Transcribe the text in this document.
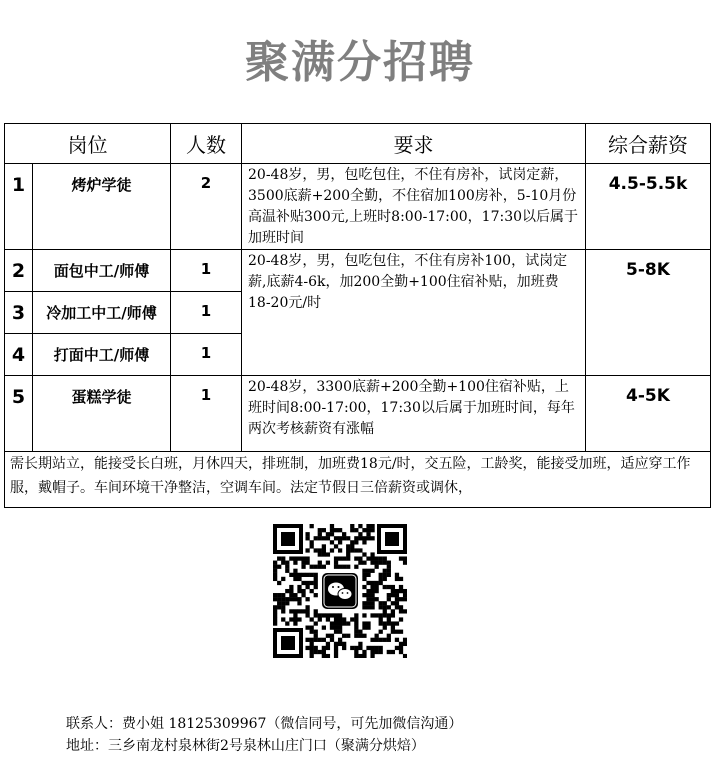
聚满分招聘
岗位		人数	要求	综合薪资
1	烤炉学徒	2	20-48岁，男，包吃包住，不住有房补，试岗定薪，3500底薪+200全勤，不住宿加100房补，5-10月份高温补贴300元,上班时8:00-17:00，17:30以后属于加班时间	4.5-5.5k
2	面包中工/师傅	1	20-48岁，男，包吃包住，不住有房补100，试岗定薪,底薪4-6k，加200全勤+100住宿补贴，加班费18-20元/时	5-8K
3	冷加工中工/师傅	1		
4	打面中工/师傅	1		
5	蛋糕学徒	1	20-48岁，3300底薪+200全勤+100住宿补贴，上班时间8:00-17:00，17:30以后属于加班时间，每年两次考核薪资有涨幅	4-5K
需长期站立，能接受长白班，月休四天，排班制，加班费18元/时，交五险，工龄奖，能接受加班，适应穿工作服，戴帽子。车间环境干净整洁，空调车间。法定节假日三倍薪资或调休，				
联系人：费小姐 18125309967（微信同号，可先加微信沟通）
地址：三乡南龙村泉林街2号泉林山庄门口（聚满分烘焙）
